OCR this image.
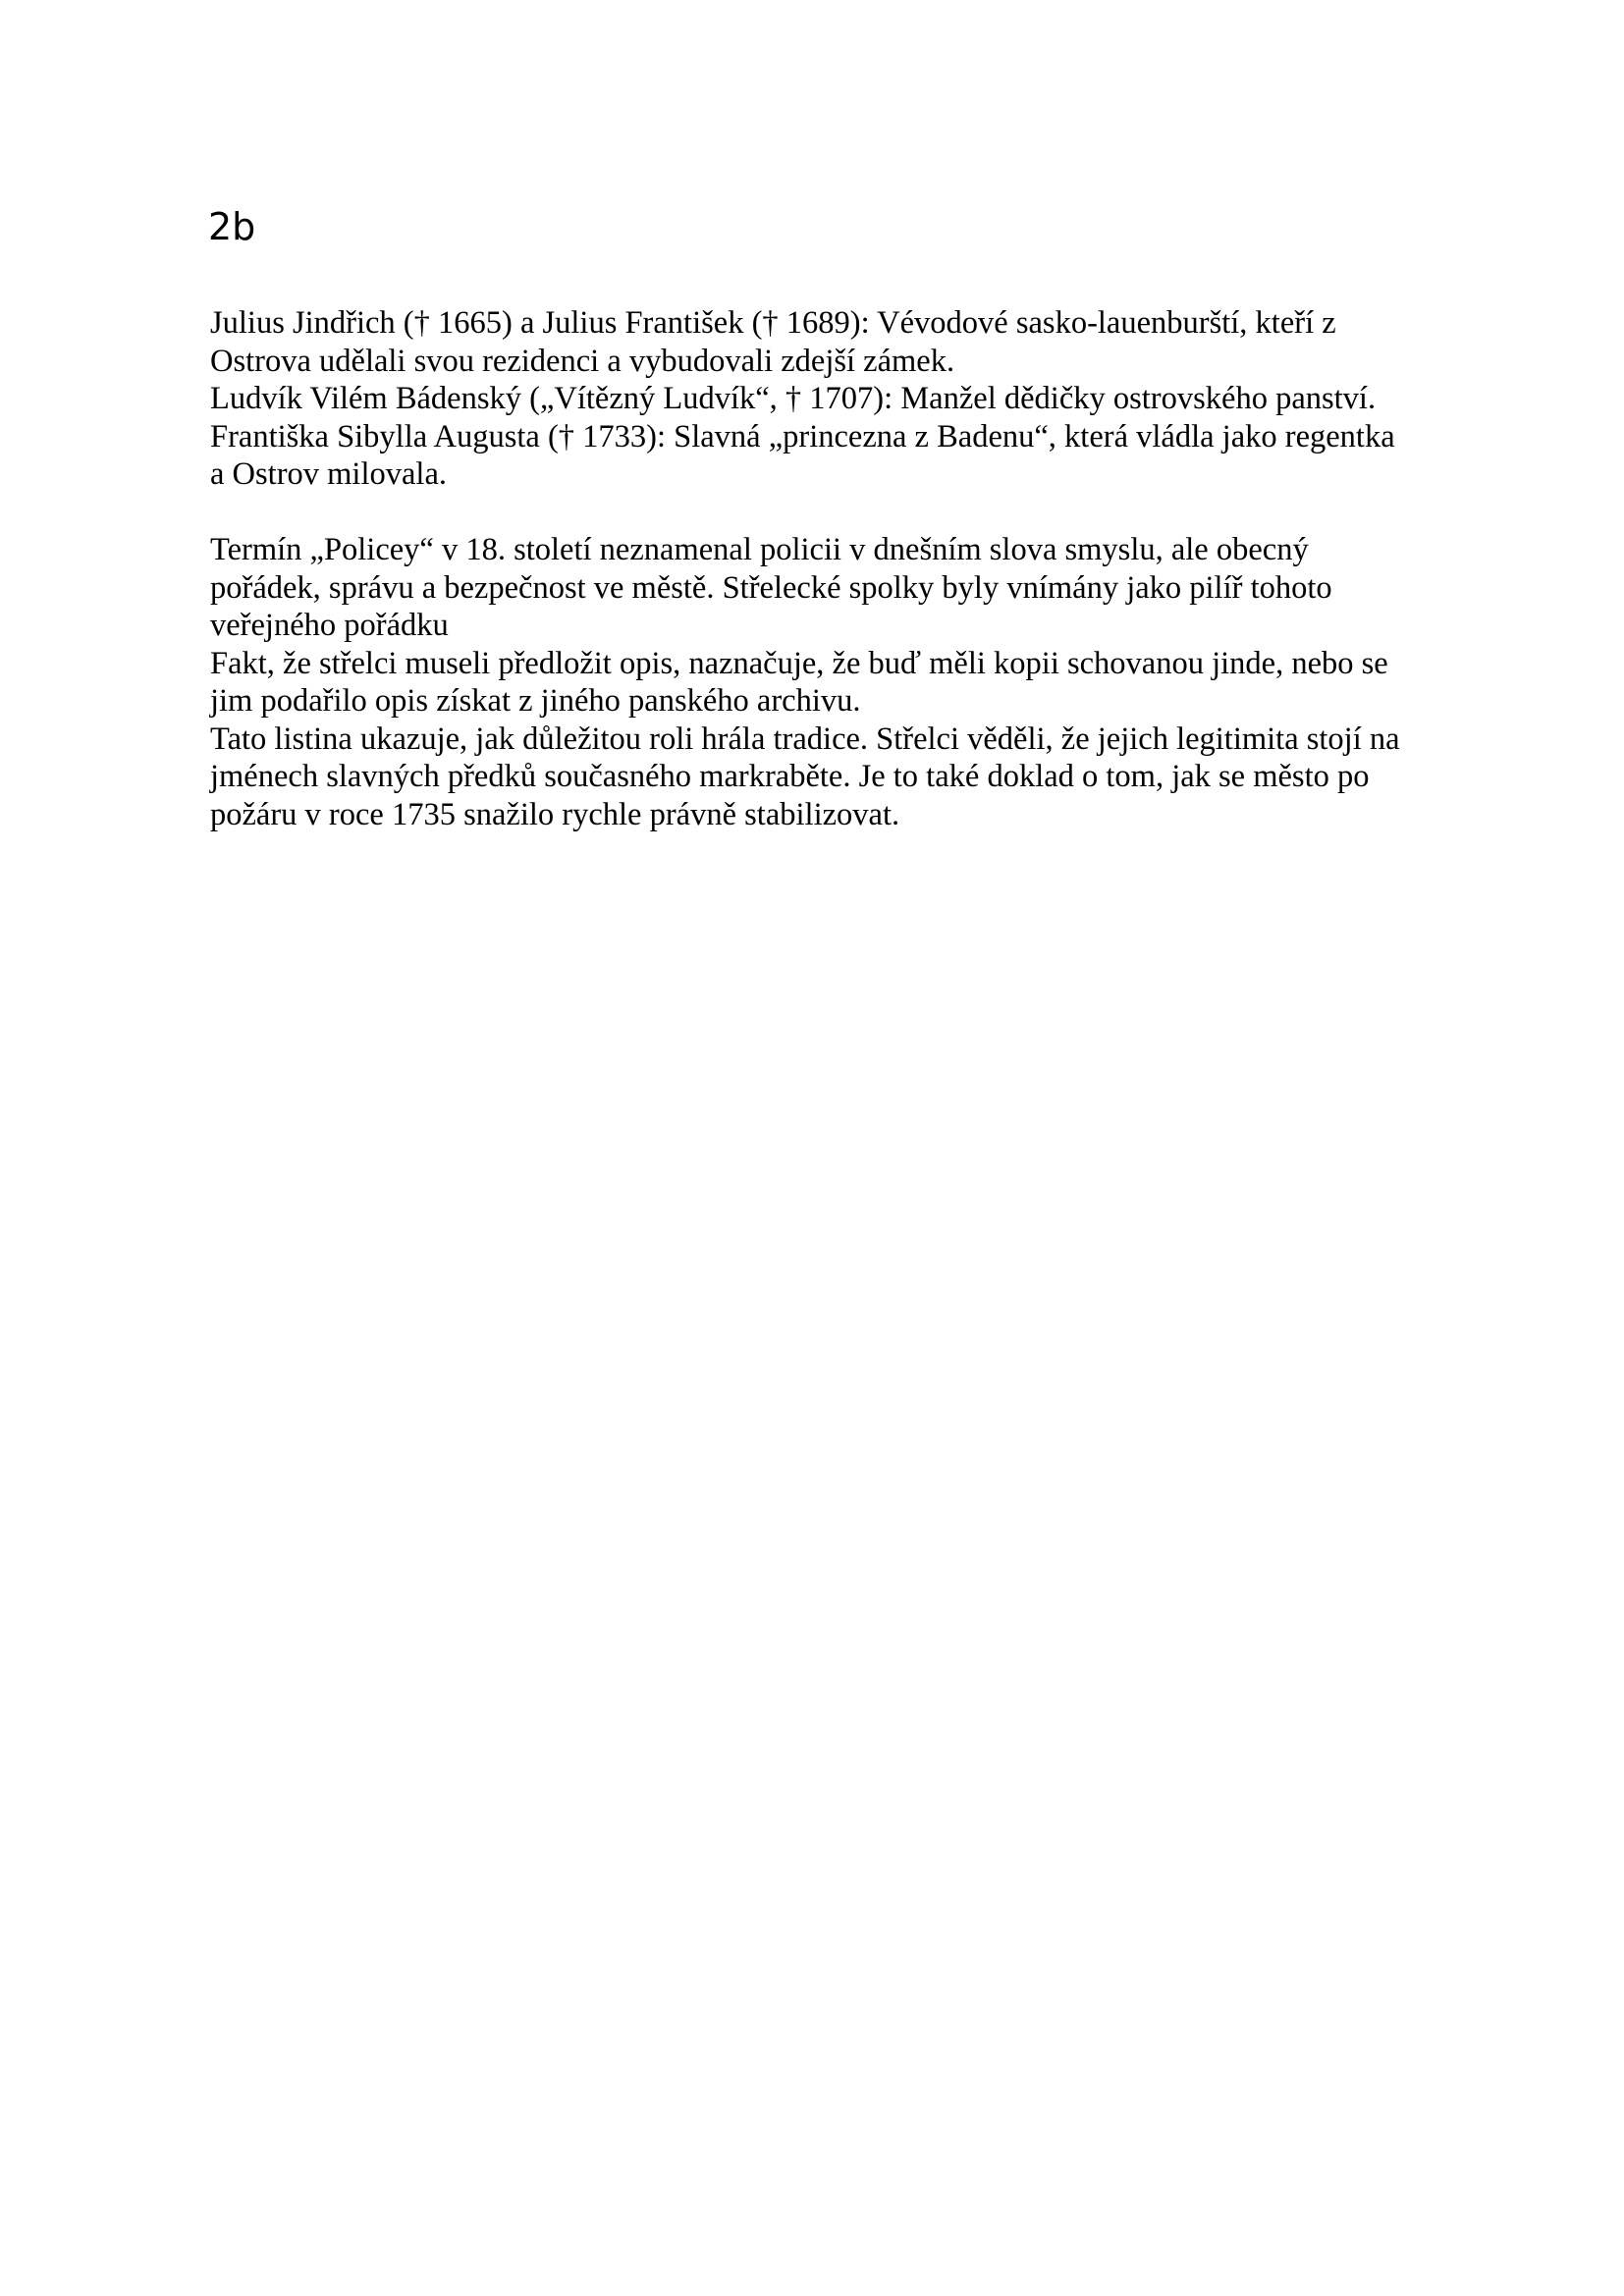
2b
Julius Jindřich († 1665) a Julius František († 1689): Vévodové sasko-lauenburští, kteří z
Ostrova udělali svou rezidenci a vybudovali zdejší zámek.
Ludvík Vilém Bádenský („Vítězný Ludvík“, † 1707): Manžel dědičky ostrovského panství.
Františka Sibylla Augusta († 1733): Slavná „princezna z Badenu“, která vládla jako regentka
a Ostrov milovala.
Termín „Policey“ v 18. století neznamenal policii v dnešním slova smyslu, ale obecný
pořádek, správu a bezpečnost ve městě. Střelecké spolky byly vnímány jako pilíř tohoto
veřejného pořádku
Fakt, že střelci museli předložit opis, naznačuje, že buď měli kopii schovanou jinde, nebo se
jim podařilo opis získat z jiného panského archivu.
Tato listina ukazuje, jak důležitou roli hrála tradice. Střelci věděli, že jejich legitimita stojí na
jménech slavných předků současného markraběte. Je to také doklad o tom, jak se město po
požáru v roce 1735 snažilo rychle právně stabilizovat.
